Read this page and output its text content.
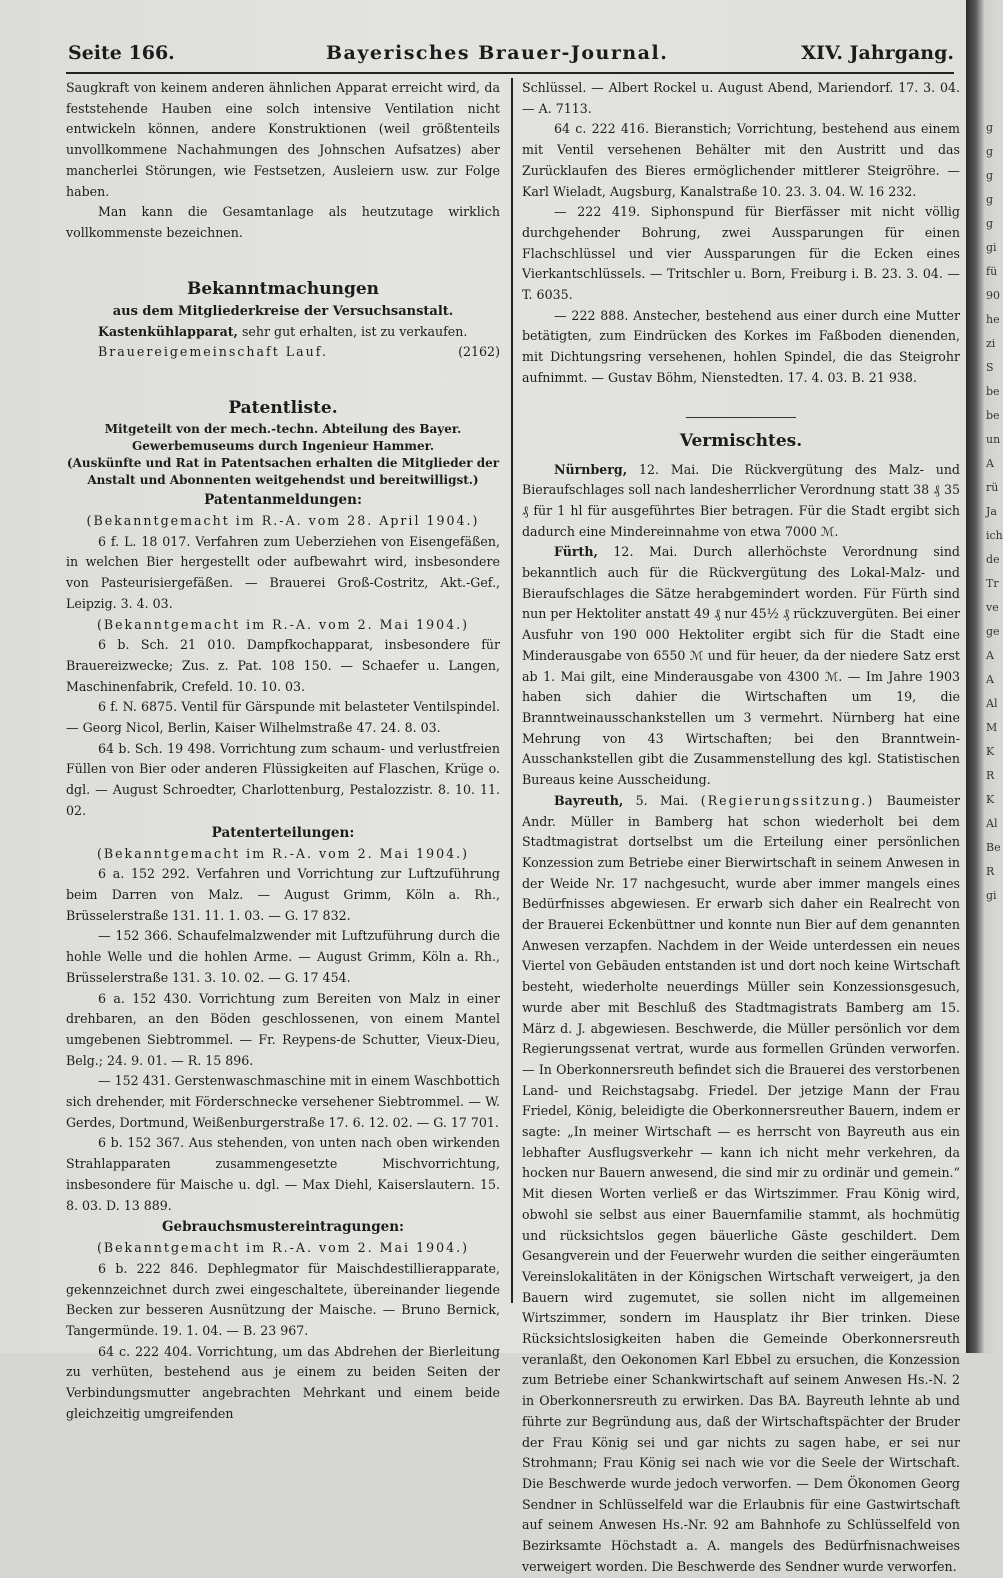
Seite 166.	Bayerisches Brauer-Journal.	XIV. Jahrgang.

Saugkraft von keinem anderen ähnlichen Apparat erreicht wird, da feststehende Hauben eine solch intensive Ventilation nicht entwickeln können, andere Konstruktionen (weil größtenteils unvollkommene Nachahmungen des Johnschen Aufsatzes) aber mancherlei Störungen, wie Festsetzen, Ausleiern usw. zur Folge haben.

Man kann die Gesamtanlage als heutzutage wirklich vollkommenste bezeichnen.

Bekanntmachungen
aus dem Mitgliederkreise der Versuchsanstalt.

Kastenkühlapparat, sehr gut erhalten, ist zu verkaufen.

Brauereigemeinschaft Lauf.	(2162)

Patentliste.

Mitgeteilt von der mech.-techn. Abteilung des Bayer. Gewerbemuseums durch Ingenieur Hammer.

(Auskünfte und Rat in Patentsachen erhalten die Mitglieder der Anstalt und Abonnenten weitgehendst und bereitwilligst.)

Patentanmeldungen:

(Bekanntgemacht im R.-A. vom 28. April 1904.)

6 f. L. 18 017. Verfahren zum Ueberziehen von Eisengefäßen, in welchen Bier hergestellt oder aufbewahrt wird, insbesondere von Pasteurisiergefäßen. — Brauerei Groß-Costritz, Akt.-Gef., Leipzig. 3. 4. 03.

(Bekanntgemacht im R.-A. vom 2. Mai 1904.)

6 b. Sch. 21 010. Dampfkochapparat, insbesondere für Brauereizwecke; Zus. z. Pat. 108 150. — Schaefer u. Langen, Maschinenfabrik, Crefeld. 10. 10. 03.

6 f. N. 6875. Ventil für Gärspunde mit belasteter Ventilspindel. — Georg Nicol, Berlin, Kaiser Wilhelmstraße 47. 24. 8. 03.

64 b. Sch. 19 498. Vorrichtung zum schaum- und verlustfreien Füllen von Bier oder anderen Flüssigkeiten auf Flaschen, Krüge o. dgl. — August Schroedter, Charlottenburg, Pestalozzistr. 8. 10. 11. 02.

Patenterteilungen:

(Bekanntgemacht im R.-A. vom 2. Mai 1904.)

6 a. 152 292. Verfahren und Vorrichtung zur Luftzuführung beim Darren von Malz. — August Grimm, Köln a. Rh., Brüsselerstraße 131. 11. 1. 03. — G. 17 832.

— 152 366. Schaufelmalzwender mit Luftzuführung durch die hohle Welle und die hohlen Arme. — August Grimm, Köln a. Rh., Brüsselerstraße 131. 3. 10. 02. — G. 17 454.

6 a. 152 430. Vorrichtung zum Bereiten von Malz in einer drehbaren, an den Böden geschlossenen, von einem Mantel umgebenen Siebtrommel. — Fr. Reypens-de Schutter, Vieux-Dieu, Belg.; 24. 9. 01. — R. 15 896.

— 152 431. Gerstenwaschmaschine mit in einem Waschbottich sich drehender, mit Förderschnecke versehener Siebtrommel. — W. Gerdes, Dortmund, Weißenburgerstraße 17. 6. 12. 02. — G. 17 701.

6 b. 152 367. Aus stehenden, von unten nach oben wirkenden Strahlapparaten zusammengesetzte Mischvorrichtung, insbesondere für Maische u. dgl. — Max Diehl, Kaiserslautern. 15. 8. 03. D. 13 889.

Gebrauchsmustereintragungen:

(Bekanntgemacht im R.-A. vom 2. Mai 1904.)

6 b. 222 846. Dephlegmator für Maischdestillierapparate, gekennzeichnet durch zwei eingeschaltete, übereinander liegende Becken zur besseren Ausnützung der Maische. — Bruno Bernick, Tangermünde. 19. 1. 04. — B. 23 967.

64 c. 222 404. Vorrichtung, um das Abdrehen der Bierleitung zu verhüten, bestehend aus je einem zu beiden Seiten der Verbindungsmutter angebrachten Mehrkant und einem beide gleichzeitig umgreifenden

Schlüssel. — Albert Rockel u. August Abend, Mariendorf. 17. 3. 04. — A. 7113.

64 c. 222 416. Bieranstich; Vorrichtung, bestehend aus einem mit Ventil versehenen Behälter mit den Austritt und das Zurücklaufen des Bieres ermöglichender mittlerer Steigröhre. — Karl Wieladt, Augsburg, Kanalstraße 10. 23. 3. 04. W. 16 232.

— 222 419. Siphonspund für Bierfässer mit nicht völlig durchgehender Bohrung, zwei Aussparungen für einen Flachschlüssel und vier Aussparungen für die Ecken eines Vierkantschlüssels. — Tritschler u. Born, Freiburg i. B. 23. 3. 04. — T. 6035.

— 222 888. Anstecher, bestehend aus einer durch eine Mutter betätigten, zum Eindrücken des Korkes im Faßboden dienenden, mit Dichtungsring versehenen, hohlen Spindel, die das Steigrohr aufnimmt. — Gustav Böhm, Nienstedten. 17. 4. 03. B. 21 938.

Vermischtes.

Nürnberg, 12. Mai. Die Rückvergütung des Malz- und Bieraufschlages soll nach landesherrlicher Verordnung statt 38 ₰ 35 ₰ für 1 hl für ausgeführtes Bier betragen. Für die Stadt ergibt sich dadurch eine Mindereinnahme von etwa 7000 ℳ.

Fürth, 12. Mai. Durch allerhöchste Verordnung sind bekanntlich auch für die Rückvergütung des Lokal-Malz- und Bieraufschlages die Sätze herabgemindert worden. Für Fürth sind nun per Hektoliter anstatt 49 ₰ nur 45½ ₰ rückzuvergüten. Bei einer Ausfuhr von 190 000 Hektoliter ergibt sich für die Stadt eine Minderausgabe von 6550 ℳ und für heuer, da der niedere Satz erst ab 1. Mai gilt, eine Minderausgabe von 4300 ℳ. — Im Jahre 1903 haben sich dahier die Wirtschaften um 19, die Branntweinausschankstellen um 3 vermehrt. Nürnberg hat eine Mehrung von 43 Wirtschaften; bei den Branntwein-Ausschankstellen gibt die Zusammenstellung des kgl. Statistischen Bureaus keine Ausscheidung.

Bayreuth, 5. Mai. (Regierungssitzung.) Baumeister Andr. Müller in Bamberg hat schon wiederholt bei dem Stadtmagistrat dortselbst um die Erteilung einer persönlichen Konzession zum Betriebe einer Bierwirtschaft in seinem Anwesen in der Weide Nr. 17 nachgesucht, wurde aber immer mangels eines Bedürfnisses abgewiesen. Er erwarb sich daher ein Realrecht von der Brauerei Eckenbüttner und konnte nun Bier auf dem genannten Anwesen verzapfen. Nachdem in der Weide unterdessen ein neues Viertel von Gebäuden entstanden ist und dort noch keine Wirtschaft besteht, wiederholte neuerdings Müller sein Konzessionsgesuch, wurde aber mit Beschluß des Stadtmagistrats Bamberg am 15. März d. J. abgewiesen. Beschwerde, die Müller persönlich vor dem Regierungssenat vertrat, wurde aus formellen Gründen verworfen. — In Oberkonnersreuth befindet sich die Brauerei des verstorbenen Land- und Reichstagsabg. Friedel. Der jetzige Mann der Frau Friedel, König, beleidigte die Oberkonnersreuther Bauern, indem er sagte: „In meiner Wirtschaft — es herrscht von Bayreuth aus ein lebhafter Ausflugsverkehr — kann ich nicht mehr verkehren, da hocken nur Bauern anwesend, die sind mir zu ordinär und gemein.“ Mit diesen Worten verließ er das Wirtszimmer. Frau König wird, obwohl sie selbst aus einer Bauernfamilie stammt, als hochmütig und rücksichtslos gegen bäuerliche Gäste geschildert. Dem Gesangverein und der Feuerwehr wurden die seither eingeräumten Vereinslokalitäten in der Königschen Wirtschaft verweigert, ja den Bauern wird zugemutet, sie sollen nicht im allgemeinen Wirtszimmer, sondern im Hausplatz ihr Bier trinken. Diese Rücksichtslosigkeiten haben die Gemeinde Oberkonnersreuth veranlaßt, den Oekonomen Karl Ebbel zu ersuchen, die Konzession zum Betriebe einer Schankwirtschaft auf seinem Anwesen Hs.-N. 2 in Oberkonnersreuth zu erwirken. Das BA. Bayreuth lehnte ab und führte zur Begründung aus, daß der Wirtschaftspächter der Bruder der Frau König sei und gar nichts zu sagen habe, er sei nur Strohmann; Frau König sei nach wie vor die Seele der Wirtschaft. Die Beschwerde wurde jedoch verworfen. — Dem Ökonomen Georg Sendner in Schlüsselfeld war die Erlaubnis für eine Gastwirtschaft auf seinem Anwesen Hs.-Nr. 92 am Bahnhofe zu Schlüsselfeld von Bezirksamte Höchstadt a. A. mangels des Bedürfnisnachweises verweigert worden. Die Beschwerde des Sendner wurde verworfen.

g
g
g
g
g
gi
fü
90
he
zi
S
be
be
un
A
rü
Ja
ich
de
Tr
ve
ge
A
A
Al
M
K
R
K
Al
Be
R
gi
